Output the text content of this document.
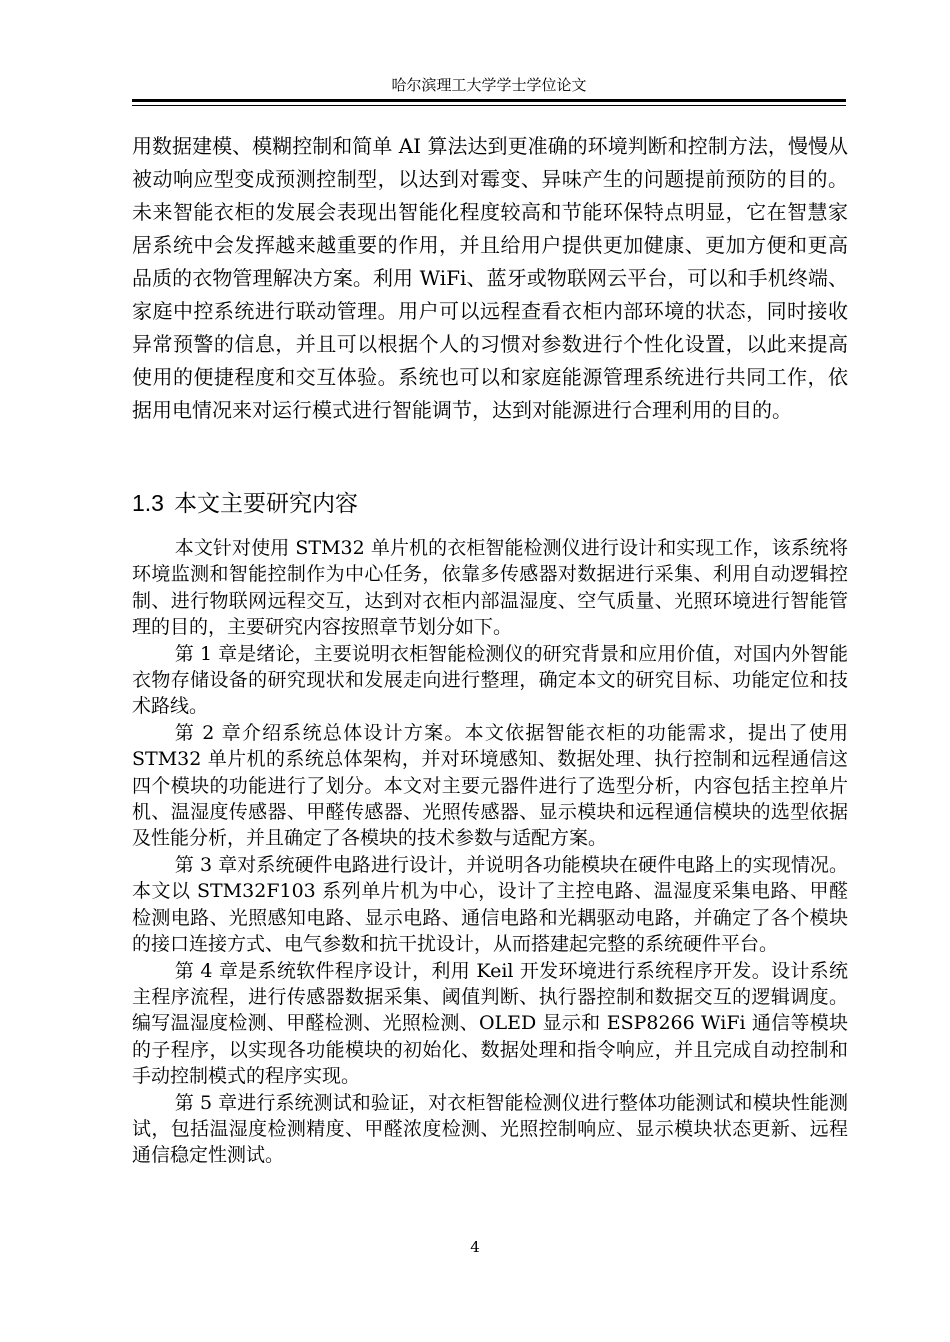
哈尔滨理工大学学士学位论文

用数据建模、模糊控制和简单 AI 算法达到更准确的环境判断和控制方法，慢慢从被动响应型变成预测控制型，以达到对霉变、异味产生的问题提前预防的目的。未来智能衣柜的发展会表现出智能化程度较高和节能环保特点明显，它在智慧家居系统中会发挥越来越重要的作用，并且给用户提供更加健康、更加方便和更高品质的衣物管理解决方案。利用 WiFi、蓝牙或物联网云平台，可以和手机终端、家庭中控系统进行联动管理。用户可以远程查看衣柜内部环境的状态，同时接收异常预警的信息，并且可以根据个人的习惯对参数进行个性化设置，以此来提高使用的便捷程度和交互体验。系统也可以和家庭能源管理系统进行共同工作，依据用电情况来对运行模式进行智能调节，达到对能源进行合理利用的目的。

1.3 本文主要研究内容

本文针对使用 STM32 单片机的衣柜智能检测仪进行设计和实现工作，该系统将环境监测和智能控制作为中心任务，依靠多传感器对数据进行采集、利用自动逻辑控制、进行物联网远程交互，达到对衣柜内部温湿度、空气质量、光照环境进行智能管理的目的，主要研究内容按照章节划分如下。

第 1 章是绪论，主要说明衣柜智能检测仪的研究背景和应用价值，对国内外智能衣物存储设备的研究现状和发展走向进行整理，确定本文的研究目标、功能定位和技术路线。

第 2 章介绍系统总体设计方案。本文依据智能衣柜的功能需求，提出了使用 STM32 单片机的系统总体架构，并对环境感知、数据处理、执行控制和远程通信这四个模块的功能进行了划分。本文对主要元器件进行了选型分析，内容包括主控单片机、温湿度传感器、甲醛传感器、光照传感器、显示模块和远程通信模块的选型依据及性能分析，并且确定了各模块的技术参数与适配方案。

第 3 章对系统硬件电路进行设计，并说明各功能模块在硬件电路上的实现情况。本文以 STM32F103 系列单片机为中心，设计了主控电路、温湿度采集电路、甲醛检测电路、光照感知电路、显示电路、通信电路和光耦驱动电路，并确定了各个模块的接口连接方式、电气参数和抗干扰设计，从而搭建起完整的系统硬件平台。

第 4 章是系统软件程序设计，利用 Keil 开发环境进行系统程序开发。设计系统主程序流程，进行传感器数据采集、阈值判断、执行器控制和数据交互的逻辑调度。编写温湿度检测、甲醛检测、光照检测、OLED 显示和 ESP8266 WiFi 通信等模块的子程序，以实现各功能模块的初始化、数据处理和指令响应，并且完成自动控制和手动控制模式的程序实现。

第 5 章进行系统测试和验证，对衣柜智能检测仪进行整体功能测试和模块性能测试，包括温湿度检测精度、甲醛浓度检测、光照控制响应、显示模块状态更新、远程通信稳定性测试。

4
